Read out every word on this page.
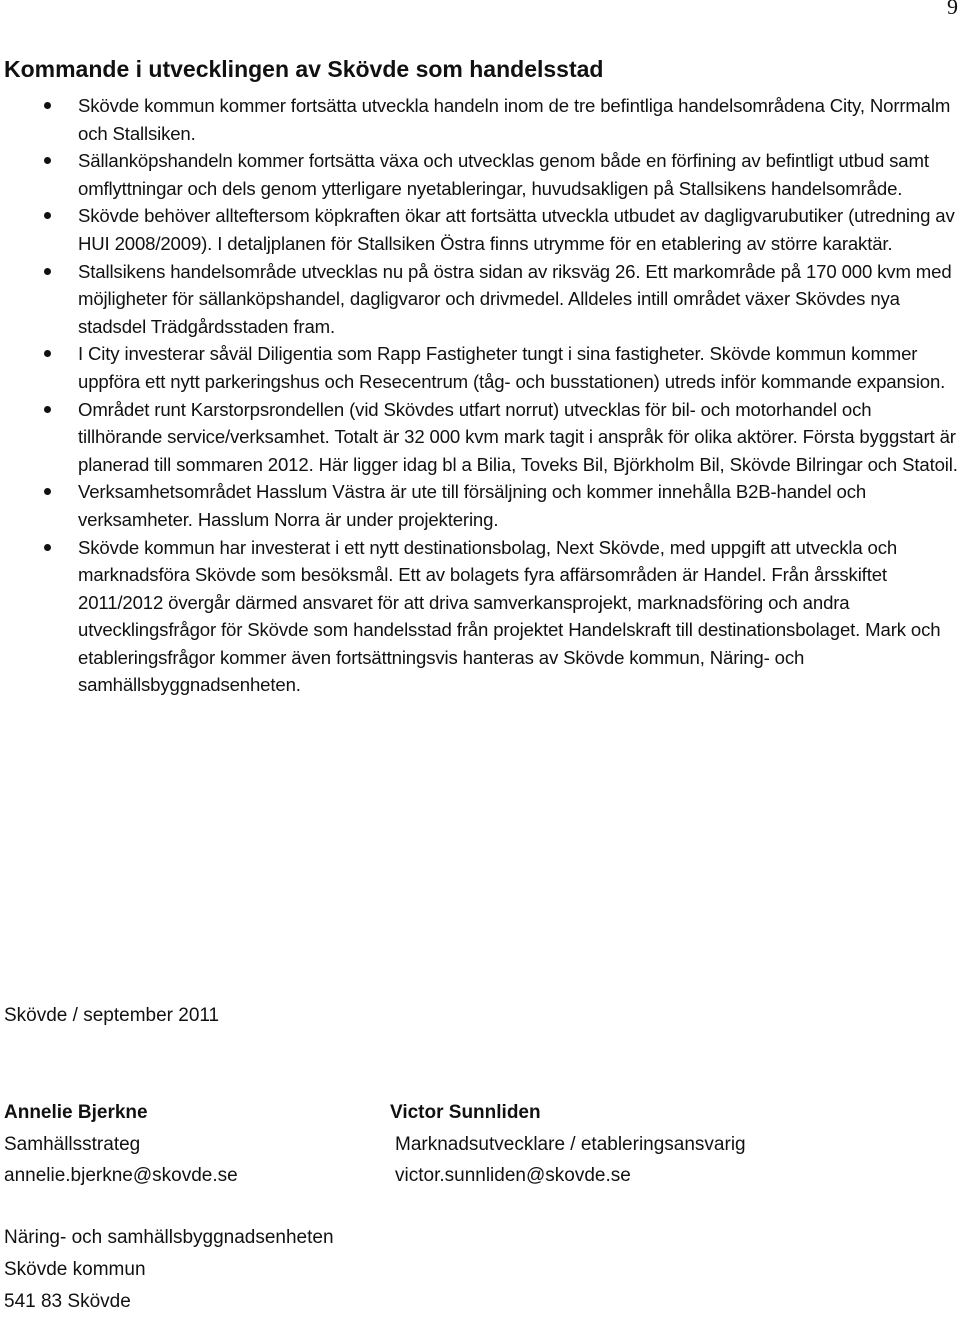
9
Kommande i utvecklingen av Skövde som handelsstad
Skövde kommun kommer fortsätta utveckla handeln inom de tre befintliga handelsområdena City, Norrmalm och Stallsiken.
Sällanköpshandeln kommer fortsätta växa och utvecklas genom både en förfining av befintligt utbud samt omflyttningar och dels genom ytterligare nyetableringar, huvudsakligen på Stallsikens handelsområde.
Skövde behöver allteftersom köpkraften ökar att fortsätta utveckla utbudet av dagligvarubutiker (utredning av HUI 2008/2009). I detaljplanen för Stallsiken Östra finns utrymme för en etablering av större karaktär.
Stallsikens handelsområde utvecklas nu på östra sidan av riksväg 26. Ett markområde på 170 000 kvm med möjligheter för sällanköpshandel, dagligvaror och drivmedel. Alldeles intill området växer Skövdes nya stadsdel Trädgårdsstaden fram.
I City investerar såväl Diligentia som Rapp Fastigheter tungt i sina fastigheter. Skövde kommun kommer uppföra ett nytt parkeringshus och Resecentrum (tåg- och busstationen) utreds inför kommande expansion.
Området runt Karstorpsrondellen (vid Skövdes utfart norrut) utvecklas för bil- och motorhandel och tillhörande service/verksamhet. Totalt är 32 000 kvm mark tagit i anspråk för olika aktörer. Första byggstart är planerad till sommaren 2012. Här ligger idag bl a Bilia, Toveks Bil, Björkholm Bil, Skövde Bilringar och Statoil.
Verksamhetsområdet Hasslum Västra är ute till försäljning och kommer innehålla B2B-handel och verksamheter. Hasslum Norra är under projektering.
Skövde kommun har investerat i ett nytt destinationsbolag, Next Skövde, med uppgift att utveckla och marknadsföra Skövde som besöksmål. Ett av bolagets fyra affärsområden är Handel. Från årsskiftet 2011/2012 övergår därmed ansvaret för att driva samverkansprojekt, marknadsföring och andra utvecklingsfrågor för Skövde som handelsstad från projektet Handelskraft till destinationsbolaget. Mark och etableringsfrågor kommer även fortsättningsvis hanteras av Skövde kommun, Näring- och samhällsbyggnadsenheten.
Skövde / september 2011
Annelie Bjerkne
Samhällsstrateg
annelie.bjerkne@skovde.se
Victor Sunnliden
Marknadsutvecklare / etableringsansvarig
victor.sunnliden@skovde.se
Näring- och samhällsbyggnadsenheten
Skövde kommun
541 83 Skövde
